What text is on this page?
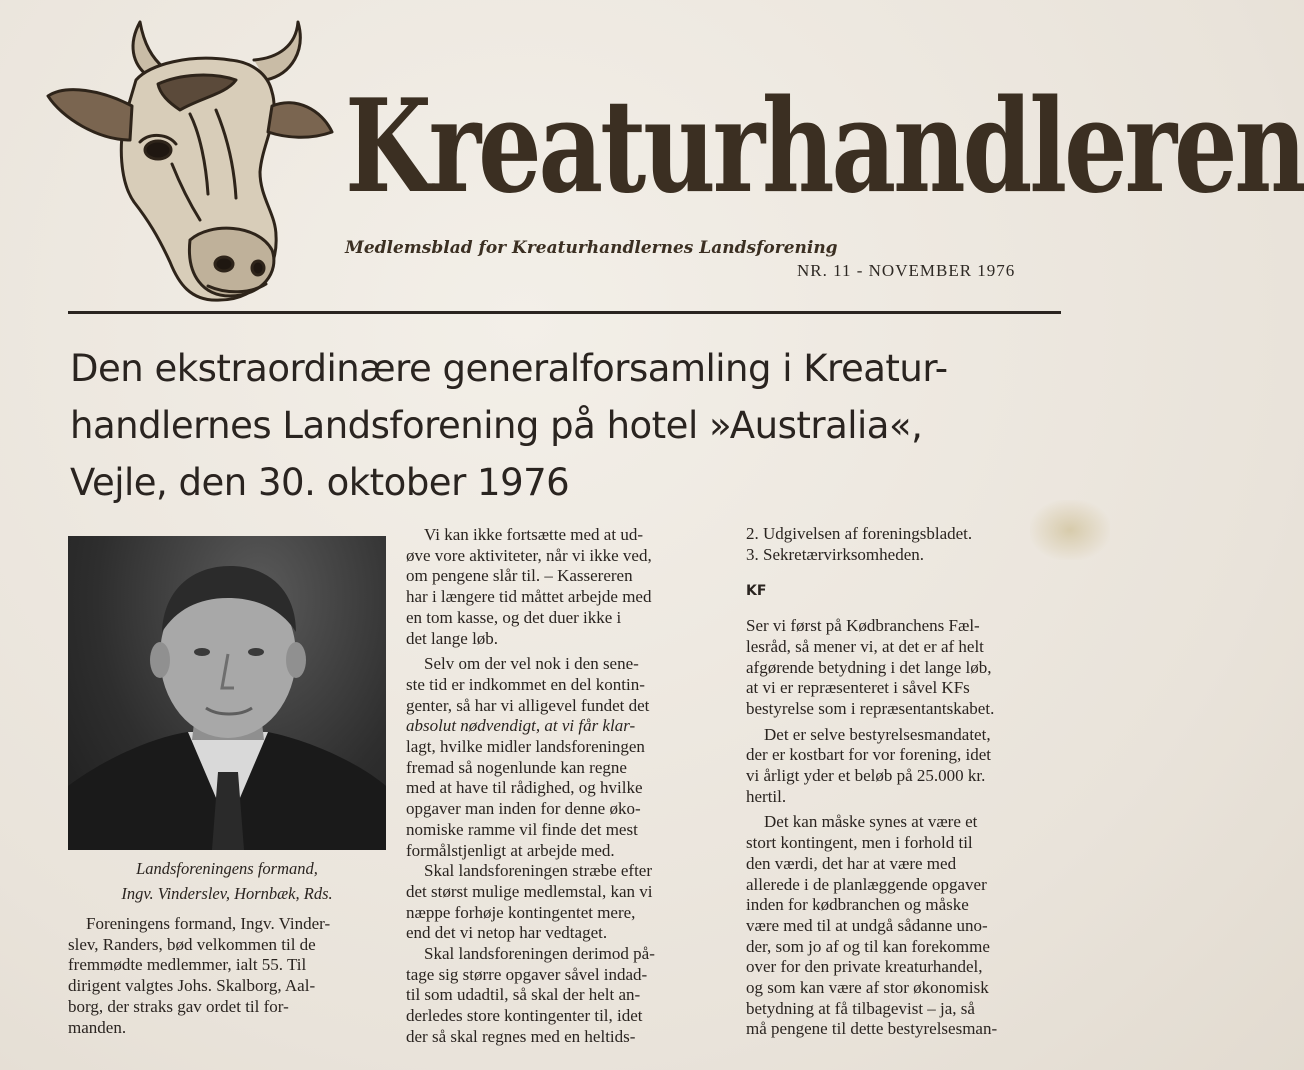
Kreaturhandleren
Medlemsblad for Kreaturhandlernes Landsforening
NR. 11 - NOVEMBER 1976
Den ekstraordinære generalforsamling i Kreatur-
handlernes Landsforening på hotel »Australia«,
Vejle, den 30. oktober 1976
Landsforeningens formand,
Ingv. Vinderslev, Hornbæk, Rds.
Foreningens formand, Ingv. Vinder-
slev, Randers, bød velkommen til de
fremmødte medlemmer, ialt 55. Til
dirigent valgtes Johs. Skalborg, Aal-
borg, der straks gav ordet til for-
manden.
Vi kan ikke fortsætte med at ud-
øve vore aktiviteter, når vi ikke ved,
om pengene slår til. – Kassereren
har i længere tid måttet arbejde med
en tom kasse, og det duer ikke i
det lange løb.
Selv om der vel nok i den sene-
ste tid er indkommet en del kontin-
genter, så har vi alligevel fundet det
absolut nødvendigt, at vi får klar-
lagt, hvilke midler landsforeningen
fremad så nogenlunde kan regne
med at have til rådighed, og hvilke
opgaver man inden for denne øko-
nomiske ramme vil finde det mest
formålstjenligt at arbejde med.
Skal landsforeningen stræbe efter
det størst mulige medlemstal, kan vi
næppe forhøje kontingentet mere,
end det vi netop har vedtaget.
Skal landsforeningen derimod på-
tage sig større opgaver såvel indad-
til som udadtil, så skal der helt an-
derledes store kontingenter til, idet
der så skal regnes med en heltids-
2. Udgivelsen af foreningsbladet.
3. Sekretærvirksomheden.
KF
Ser vi først på Kødbranchens Fæl-
lesråd, så mener vi, at det er af helt
afgørende betydning i det lange løb,
at vi er repræsenteret i såvel KFs
bestyrelse som i repræsentantskabet.
Det er selve bestyrelsesmandatet,
der er kostbart for vor forening, idet
vi årligt yder et beløb på 25.000 kr.
hertil.
Det kan måske synes at være et
stort kontingent, men i forhold til
den værdi, det har at være med
allerede i de planlæggende opgaver
inden for kødbranchen og måske
være med til at undgå sådanne uno-
der, som jo af og til kan forekomme
over for den private kreaturhandel,
og som kan være af stor økonomisk
betydning at få tilbagevist – ja, så
må pengene til dette bestyrelsesman-
